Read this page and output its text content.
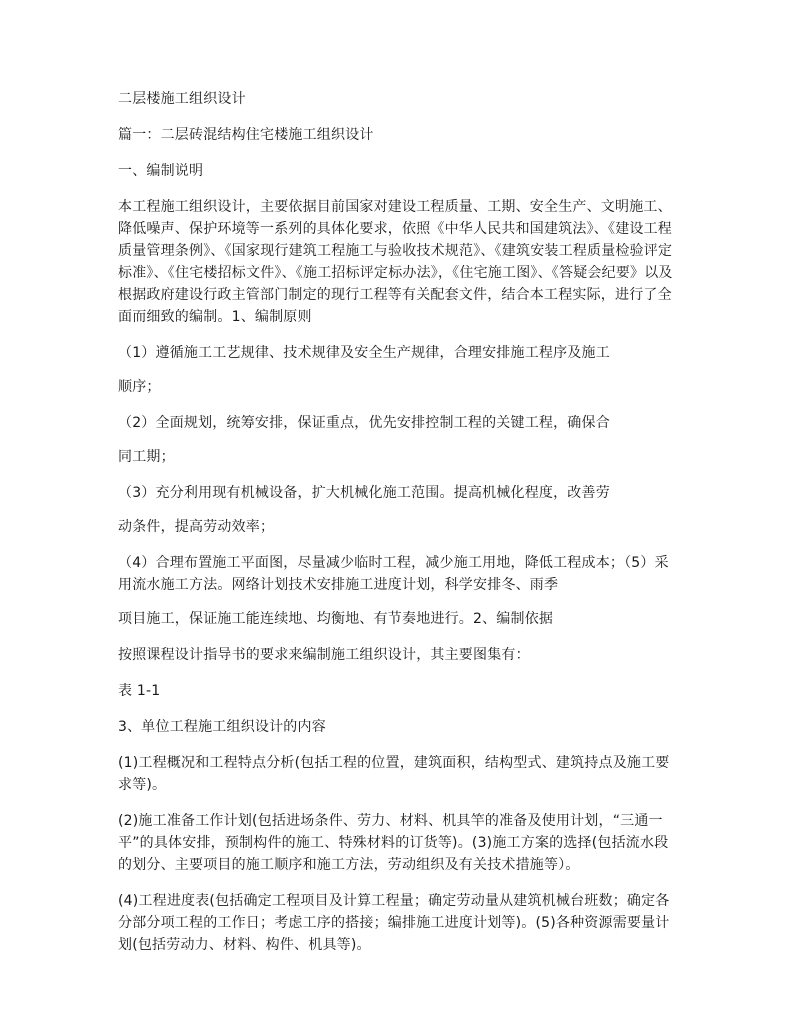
二层楼施工组织设计

篇一：二层砖混结构住宅楼施工组织设计

一、编制说明

本工程施工组织设计，主要依据目前国家对建设工程质量、工期、安全生产、文明施工、降低噪声、保护环境等一系列的具体化要求，依照《中华人民共和国建筑法》、《建设工程质量管理条例》、《国家现行建筑工程施工与验收技术规范》、《建筑安装工程质量检验评定标准》、《住宅楼招标文件》、《施工招标评定标办法》，《住宅施工图》、《答疑会纪要》以及根据政府建设行政主管部门制定的现行工程等有关配套文件，结合本工程实际，进行了全面而细致的编制。1、编制原则

（1）遵循施工工艺规律、技术规律及安全生产规律，合理安排施工程序及施工

顺序；

（2）全面规划，统筹安排，保证重点，优先安排控制工程的关键工程，确保合

同工期；

（3）充分利用现有机械设备，扩大机械化施工范围。提高机械化程度，改善劳

动条件，提高劳动效率；

（4）合理布置施工平面图，尽量减少临时工程，减少施工用地，降低工程成本；（5）采用流水施工方法。网络计划技术安排施工进度计划，科学安排冬、雨季

项目施工，保证施工能连续地、均衡地、有节奏地进行。2、编制依据

按照课程设计指导书的要求来编制施工组织设计，其主要图集有：

表 1-1

3、单位工程施工组织设计的内容

(1)工程概况和工程特点分析(包括工程的位置，建筑面积，结构型式、建筑持点及施工要求等)。

(2)施工准备工作计划(包括进场条件、劳力、材料、机具竿的准备及使用计划，“三通一平”的具体安排，预制构件的施工、特殊材料的订货等)。(3)施工方案的选择(包括流水段的划分、主要项目的施工顺序和施工方法，劳动组织及有关技术措施等）。

(4)工程进度表(包括确定工程项目及计算工程量；确定劳动量从建筑机械台班数；确定各分部分项工程的工作日；考虑工序的搭接；编排施工进度计划等)。(5)各种资源需要量计划(包括劳动力、材料、构件、机具等)。
